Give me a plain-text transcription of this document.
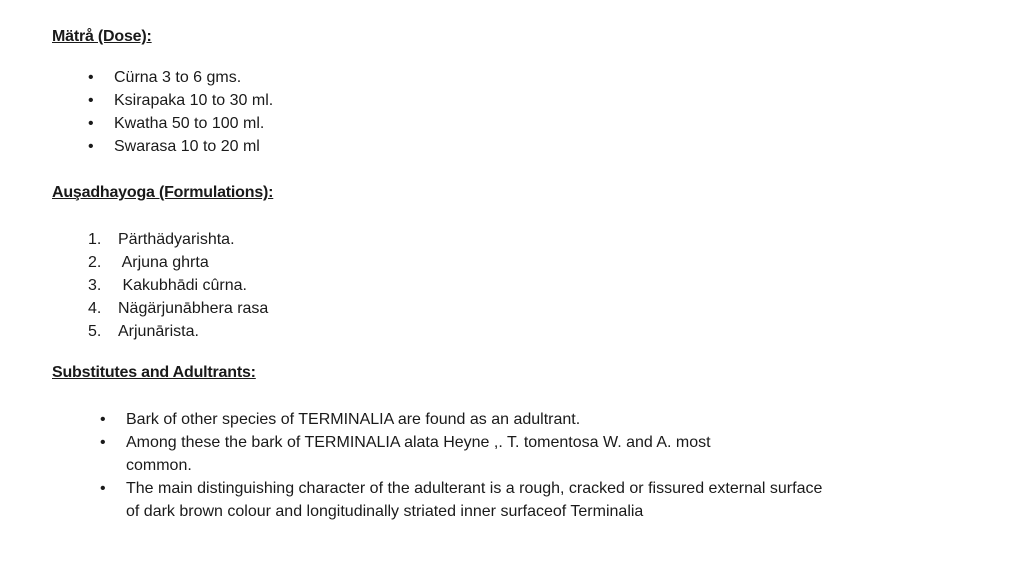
Mätrå (Dose):
• Cürna 3 to 6 gms.
• Ksirapaka 10 to 30 ml.
• Kwatha 50 to 100 ml.
• Swarasa 10 to 20 ml
Auşadhayoga (Formulations):
1. Pärthädyarishta.
2. Arjuna ghrta
3. Kakubhādi cûrna.
4. Nägärjunābhera rasa
5. Arjunārista.
Substitutes and Adultrants:
• Bark of other species of TERMINALIA are found as an adultrant.
• Among these the bark of TERMINALIA alata Heyne ,. T. tomentosa W. and A. most common.
• The main distinguishing character of the adulterant is a rough, cracked or fissured external surface of dark brown colour and longitudinally striated inner surfaceof Terminalia
